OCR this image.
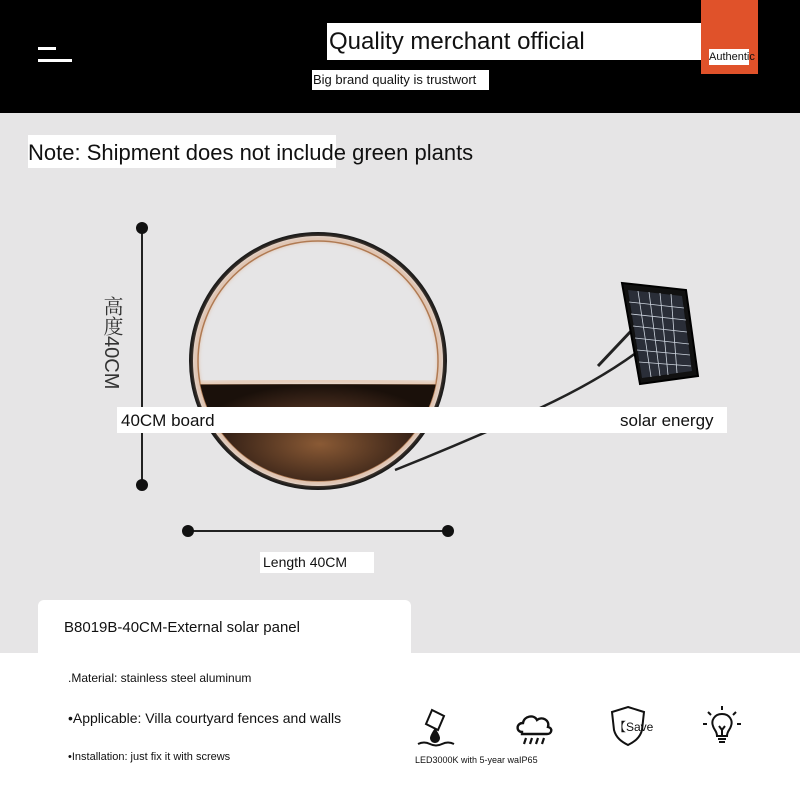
Quality merchant official
Big brand quality is trustwort
Authentic
Note: Shipment does not include green plants
高度40CM
40CM board	solar energy
Length 40CM
B8019B-40CM-External solar panel
.Material: stainless steel aluminum
•Applicable: Villa courtyard fences and walls
•Installation: just fix it with screws
【Save
LED3000K with 5-year waIP65
